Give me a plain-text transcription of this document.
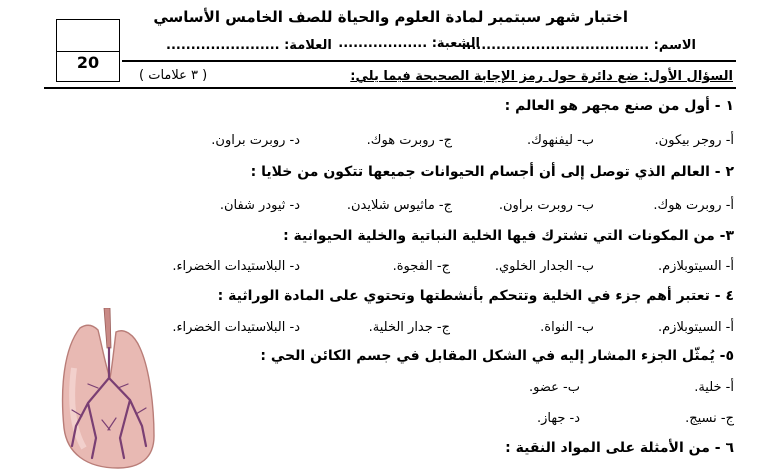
اختبار شهر سبتمبر لمادة العلوم والحياة للصف الخامس الأساسي
الاسم: ......................................
الشعبة: ..................
العلامة: .......................
20
السؤال الأول: ضع دائرة حول رمز الإجابة الصحيحة فيما يلي:
( ٣ علامات )
١ - أول من صنع مجهر هو العالم :
أ- روجر بيكون.
ب- ليفنهوك.
ج- روبرت هوك.
د- روبرت براون.
٢ - العالم الذي توصل إلى أن أجسام الحيوانات جميعها تتكون من خلايا :
أ- روبرت هوك.
ب- روبرت براون.
ج- ماثيوس شلايدن.
د- ثيودر شفان.
٣- من المكونات التي تشترك فيها الخلية النباتية والخلية الحيوانية :
أ- السيتوبلازم.
ب- الجدار الخلوي.
ج- الفجوة.
د- البلاستيدات الخضراء.
٤ - تعتبر أهم جزء في الخلية وتتحكم بأنشطتها وتحتوي على المادة الوراثية :
أ- السيتوبلازم.
ب- النواة.
ج- جدار الخلية.
د- البلاستيدات الخضراء.
٥- يُمثّل الجزء المشار إليه في الشكل المقابل في جسم الكائن الحي :
أ- خلية.
ب- عضو.
ج- نسيج.
د- جهاز.
٦ - من الأمثلة على المواد النقية :
